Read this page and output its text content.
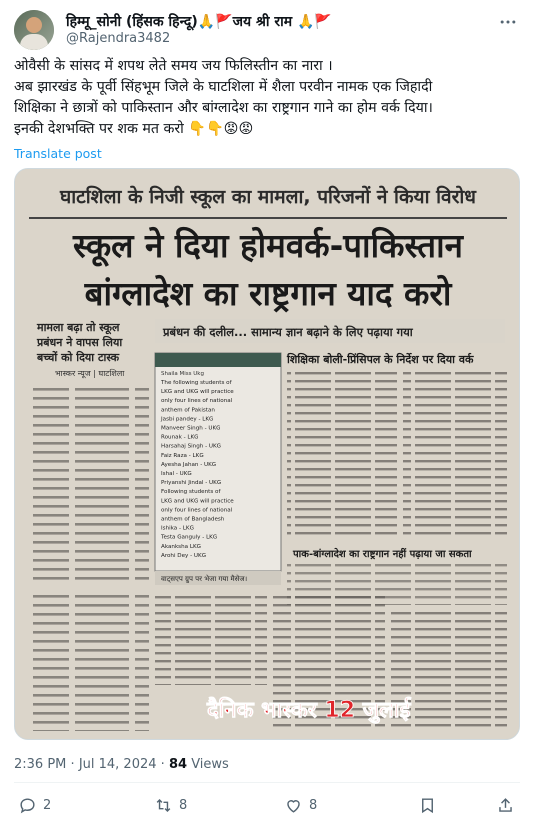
हिम्मू_सोनी (हिंसक हिन्दू)🙏🚩जय श्री राम 🙏🚩
@Rajendra3482

ओवैसी के सांसद में शपथ लेते समय जय फिलिस्तीन का नारा ।

अब झारखंड के पूर्वी सिंहभूम जिले के घाटशिला में शैला परवीन नामक एक जिहादी

शिक्षिका ने छात्रों को पाकिस्तान और बांग्लादेश का राष्ट्रगान गाने का होम वर्क दिया।

इनकी देशभक्ति पर शक मत करो 👇👇😡😡

Translate post
घाटशिला के निजी स्कूल का मामला, परिजनों ने किया विरोध
स्कूल ने दिया होमवर्क-पाकिस्तान
बांग्लादेश का राष्ट्रगान याद करो
मामला बढ़ा तो स्कूल
प्रबंधन ने वापस लिया
बच्चों को दिया टास्क
भास्कर न्यूज | घाटशिला
प्रबंधन की दलील... सामान्य ज्ञान बढ़ाने के लिए पढ़ाया गया
Shaila Miss Ukg
The following students of
LKG and UKG will practice
only four lines of national
anthem of Pakistan
Jasbi pandey - LKG
Manveer Singh - UKG
Rounak - LKG
Harsahaj Singh - UKG
Faiz Raza - LKG
Ayesha Jahan - UKG
Ishal - UKG
Priyanshi Jindal - UKG
Following students of
LKG and UKG will practice
only four lines of national
anthem of Bangladesh
Ishika - LKG
Testa Ganguly - LKG
Akanksha LKG
Arohi Dey - UKG
वाट्सएप ग्रुप पर भेजा गया मैसेज।
शिक्षिका बोली-प्रिंसिपल के निर्देश पर दिया वर्क
पाक-बांग्लादेश का राष्ट्रगान नहीं पढ़ाया जा सकता
दैनिक भास्कर 12 जुलाई
2:36 PM · Jul 14, 2024 · 84 Views
2	8	8
